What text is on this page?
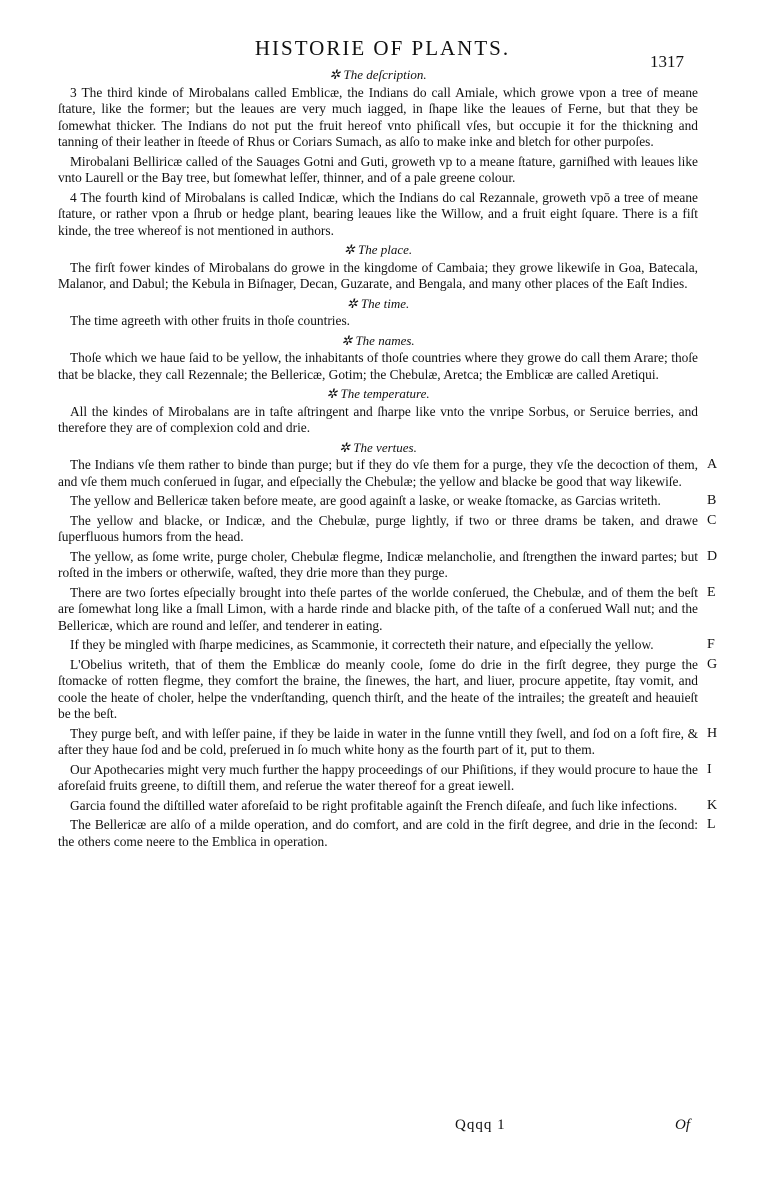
HISTORIE OF PLANTS.
1317
✲ The deſcription.
3 The third kinde of Mirobalans called Emblicæ, the Indians do call Amiale, which growe vpon a tree of meane ſtature, like the former; but the leaues are very much iagged, in ſhape like the leaues of Ferne, but that they be ſomewhat thicker. The Indians do not put the fruit hereof vnto phiſicall vſes, but occupie it for the thickning and tanning of their leather in ſteede of Rhus or Coriars Sumach, as alſo to make inke and bletch for other purpoſes.
Mirobalani Belliricæ called of the Sauages Gotni and Guti, groweth vp to a meane ſtature, garniſhed with leaues like vnto Laurell or the Bay tree, but ſomewhat leſſer, thinner, and of a pale greene colour.
4 The fourth kind of Mirobalans is called Indicæ, which the Indians do cal Rezannale, groweth vpō a tree of meane ſtature, or rather vpon a ſhrub or hedge plant, bearing leaues like the Willow, and a fruit eight ſquare. There is a fiſt kinde, the tree whereof is not mentioned in authors.
✲ The place.
The firſt fower kindes of Mirobalans do growe in the kingdome of Cambaia; they growe likewiſe in Goa, Batecala, Malanor, and Dabul; the Kebula in Biſnager, Decan, Guzarate, and Bengala, and many other places of the Eaſt Indies.
✲ The time.
The time agreeth with other fruits in thoſe countries.
✲ The names.
Thoſe which we haue ſaid to be yellow, the inhabitants of thoſe countries where they growe do call them Arare; thoſe that be blacke, they call Rezennale; the Bellericæ, Gotim; the Chebulæ, Aretca; the Emblicæ are called Aretiqui.
✲ The temperature.
All the kindes of Mirobalans are in taſte aſtringent and ſharpe like vnto the vnripe Sorbus, or Seruice berries, and therefore they are of complexion cold and drie.
✲ The vertues.
The Indians vſe them rather to binde than purge; but if they do vſe them for a purge, they vſe the decoction of them, and vſe them much conſerued in ſugar, and eſpecially the Chebulæ; the yellow and blacke be good that way likewiſe.
A
The yellow and Bellericæ taken before meate, are good againſt a laske, or weake ſtomacke, as Garcias writeth.	B
The yellow and blacke, or Indicæ, and the Chebulæ, purge lightly, if two or three drams be taken, and drawe ſuperfluous humors from the head.
C
The yellow, as ſome write, purge choler, Chebulæ flegme, Indicæ melancholie, and ſtrengthen the inward partes; but roſted in the imbers or otherwiſe, waſted, they drie more than they purge.
D
There are two ſortes eſpecially brought into theſe partes of the worlde conſerued, the Chebulæ, and of them the beſt are ſomewhat long like a ſmall Limon, with a harde rinde and blacke pith, of the taſte of a conſerued Wall nut; and the Bellericæ, which are round and leſſer, and tenderer in eating.
E
If they be mingled with ſharpe medicines, as Scammonie, it correcteth their nature, and eſpecially the yellow.	F
L'Obelius writeth, that of them the Emblicæ do meanly coole, ſome do drie in the firſt degree, they purge the ſtomacke of rotten flegme, they comfort the braine, the ſinewes, the hart, and liuer, procure appetite, ſtay vomit, and coole the heate of choler, helpe the vnderſtanding, quench thirſt, and the heate of the intrailes; the greateſt and heauieſt be the beſt.
G
They purge beſt, and with leſſer paine, if they be laide in water in the ſunne vntill they ſwell, and ſod on a ſoft fire, & after they haue ſod and be cold, preſerued in ſo much white hony as the fourth part of it, put to them.
H
Our Apothecaries might very much further the happy proceedings of our Phiſitions, if they would procure to haue the aforeſaid fruits greene, to diſtill them, and reſerue the water thereof for a great iewell.
I
Garcia found the diſtilled water aforeſaid to be right profitable againſt the French diſeaſe, and ſuch like infections. K
The Bellericæ are alſo of a milde operation, and do comfort, and are cold in the firſt degree, and drie in the ſecond: the others come neere to the Emblica in operation.
L
Qqqq 1	Of
